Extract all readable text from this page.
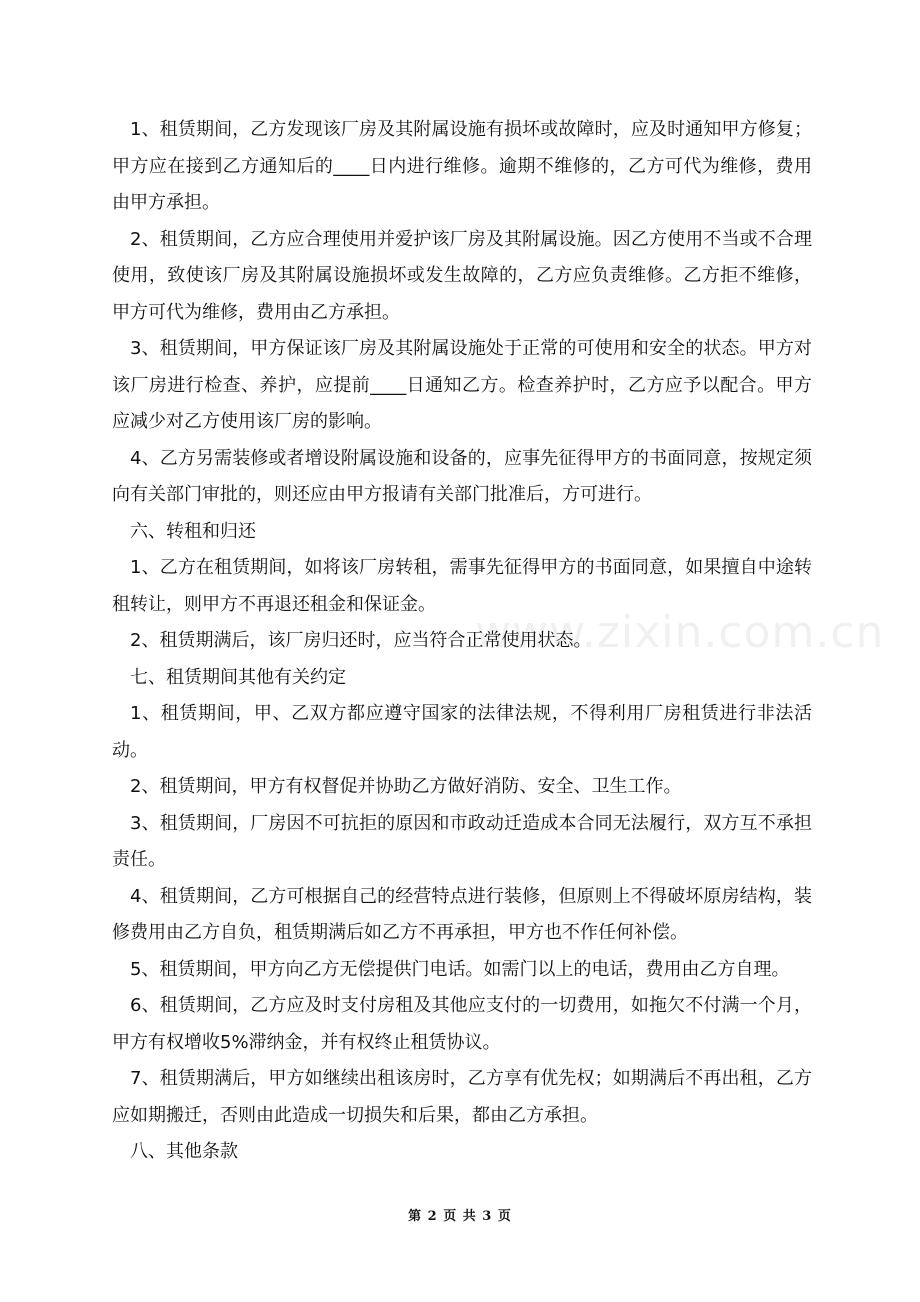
www.zixin.com.cn

1、租赁期间，乙方发现该厂房及其附属设施有损坏或故障时，应及时通知甲方修复；甲方应在接到乙方通知后的____日内进行维修。逾期不维修的，乙方可代为维修，费用由甲方承担。

2、租赁期间，乙方应合理使用并爱护该厂房及其附属设施。因乙方使用不当或不合理使用，致使该厂房及其附属设施损坏或发生故障的，乙方应负责维修。乙方拒不维修，甲方可代为维修，费用由乙方承担。

3、租赁期间，甲方保证该厂房及其附属设施处于正常的可使用和安全的状态。甲方对该厂房进行检查、养护，应提前____日通知乙方。检查养护时，乙方应予以配合。甲方应减少对乙方使用该厂房的影响。

4、乙方另需装修或者增设附属设施和设备的，应事先征得甲方的书面同意，按规定须向有关部门审批的，则还应由甲方报请有关部门批准后，方可进行。

六、转租和归还

1、乙方在租赁期间，如将该厂房转租，需事先征得甲方的书面同意，如果擅自中途转租转让，则甲方不再退还租金和保证金。

2、租赁期满后，该厂房归还时，应当符合正常使用状态。

七、租赁期间其他有关约定

1、租赁期间，甲、乙双方都应遵守国家的法律法规，不得利用厂房租赁进行非法活动。

2、租赁期间，甲方有权督促并协助乙方做好消防、安全、卫生工作。

3、租赁期间，厂房因不可抗拒的原因和市政动迁造成本合同无法履行，双方互不承担责任。

4、租赁期间，乙方可根据自己的经营特点进行装修，但原则上不得破坏原房结构，装修费用由乙方自负，租赁期满后如乙方不再承担，甲方也不作任何补偿。

5、租赁期间，甲方向乙方无偿提供门电话。如需门以上的电话，费用由乙方自理。

6、租赁期间，乙方应及时支付房租及其他应支付的一切费用，如拖欠不付满一个月，甲方有权增收5%滞纳金，并有权终止租赁协议。

7、租赁期满后，甲方如继续出租该房时，乙方享有优先权；如期满后不再出租，乙方应如期搬迁，否则由此造成一切损失和后果，都由乙方承担。

八、其他条款

第 2 页 共 3 页
